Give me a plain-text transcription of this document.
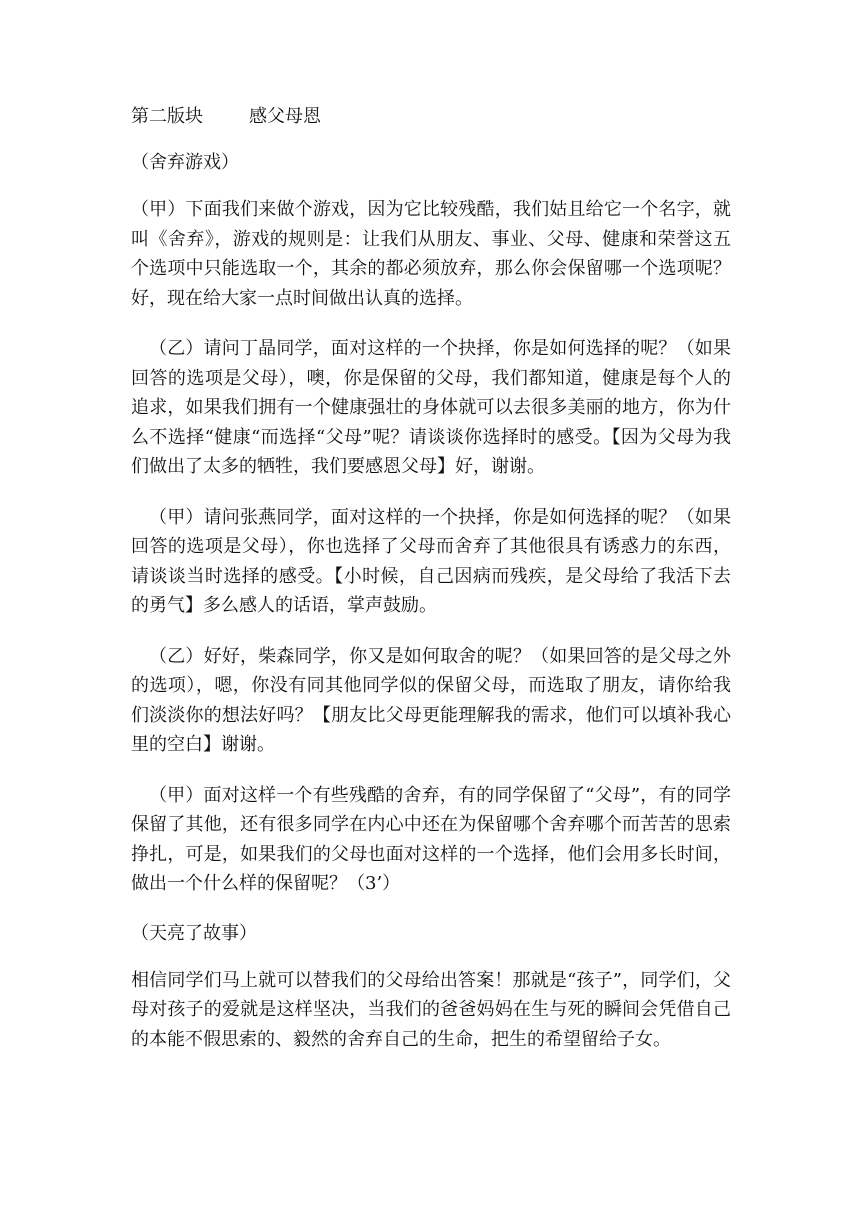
第二版块	感父母恩
（舍弃游戏）

（甲）下面我们来做个游戏，因为它比较残酷，我们姑且给它一个名字，就叫《舍弃》，游戏的规则是：让我们从朋友、事业、父母、健康和荣誉这五个选项中只能选取一个，其余的都必须放弃，那么你会保留哪一个选项呢？好，现在给大家一点时间做出认真的选择。

（乙）请问丁晶同学，面对这样的一个抉择，你是如何选择的呢？（如果回答的选项是父母），噢，你是保留的父母，我们都知道，健康是每个人的追求，如果我们拥有一个健康强壮的身体就可以去很多美丽的地方，你为什么不选择“健康“而选择“父母”呢？请谈谈你选择时的感受。【因为父母为我们做出了太多的牺牲，我们要感恩父母】好，谢谢。

（甲）请问张燕同学，面对这样的一个抉择，你是如何选择的呢？（如果回答的选项是父母），你也选择了父母而舍弃了其他很具有诱惑力的东西，请谈谈当时选择的感受。【小时候，自己因病而残疾，是父母给了我活下去的勇气】多么感人的话语，掌声鼓励。

（乙）好好，柴森同学，你又是如何取舍的呢？（如果回答的是父母之外的选项），嗯，你没有同其他同学似的保留父母，而选取了朋友，请你给我们淡淡你的想法好吗？【朋友比父母更能理解我的需求，他们可以填补我心里的空白】谢谢。

（甲）面对这样一个有些残酷的舍弃，有的同学保留了“父母”，有的同学保留了其他，还有很多同学在内心中还在为保留哪个舍弃哪个而苦苦的思索挣扎，可是，如果我们的父母也面对这样的一个选择，他们会用多长时间，做出一个什么样的保留呢？（3’）

（天亮了故事）

相信同学们马上就可以替我们的父母给出答案！那就是“孩子”，同学们，父母对孩子的爱就是这样坚决，当我们的爸爸妈妈在生与死的瞬间会凭借自己的本能不假思索的、毅然的舍弃自己的生命，把生的希望留给子女。
